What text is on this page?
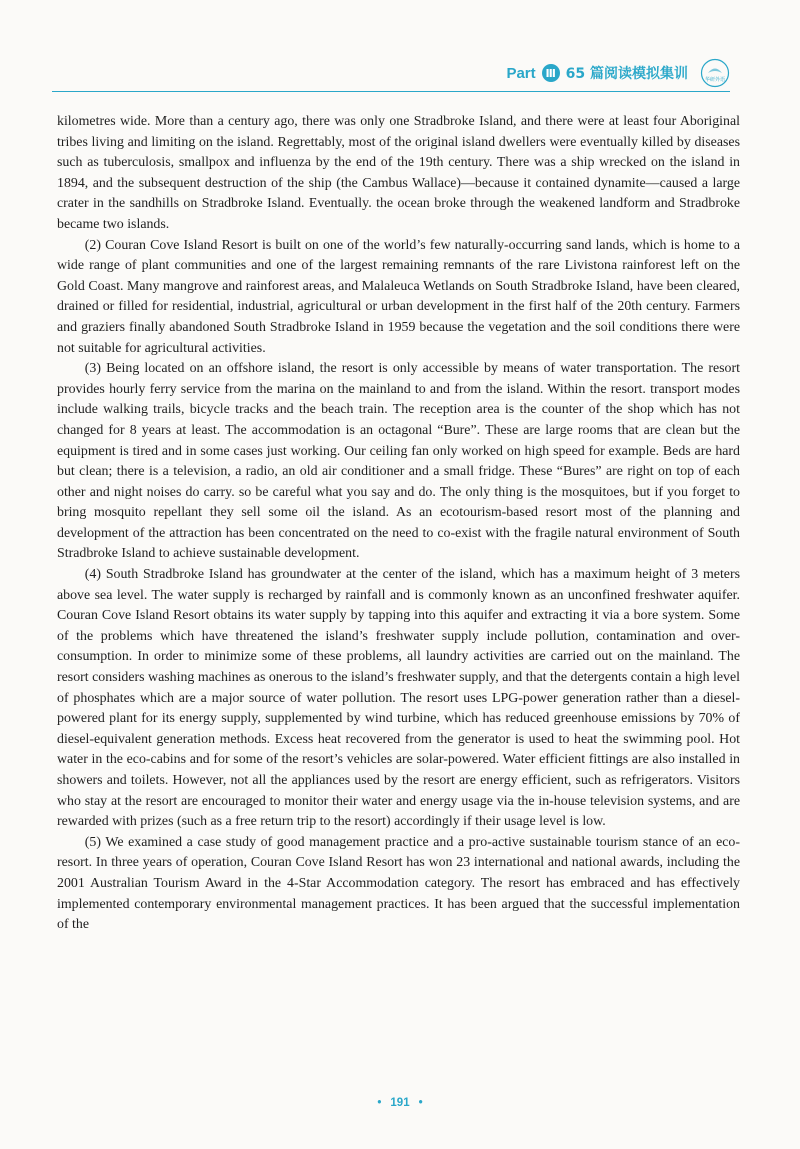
Part Ⅲ 65 篇阅读模拟集训	华研外语

kilometres wide. More than a century ago, there was only one Stradbroke Island, and there were at least four Aboriginal tribes living and limiting on the island. Regrettably, most of the original island dwellers were eventually killed by diseases such as tuberculosis, smallpox and influenza by the end of the 19th century. There was a ship wrecked on the island in 1894, and the subsequent destruction of the ship (the Cambus Wallace)—because it contained dynamite—caused a large crater in the sandhills on Stradbroke Island. Eventually. the ocean broke through the weakened landform and Stradbroke became two islands.

(2) Couran Cove Island Resort is built on one of the world’s few naturally-occurring sand lands, which is home to a wide range of plant communities and one of the largest remaining remnants of the rare Livistona rainforest left on the Gold Coast. Many mangrove and rainforest areas, and Malaleuca Wetlands on South Stradbroke Island, have been cleared, drained or filled for residential, industrial, agricultural or urban development in the first half of the 20th century. Farmers and graziers finally abandoned South Stradbroke Island in 1959 because the vegetation and the soil conditions there were not suitable for agricultural activities.

(3) Being located on an offshore island, the resort is only accessible by means of water transportation. The resort provides hourly ferry service from the marina on the mainland to and from the island. Within the resort. transport modes include walking trails, bicycle tracks and the beach train. The reception area is the counter of the shop which has not changed for 8 years at least. The accommodation is an octagonal “Bure”. These are large rooms that are clean but the equipment is tired and in some cases just working. Our ceiling fan only worked on high speed for example. Beds are hard but clean; there is a television, a radio, an old air conditioner and a small fridge. These “Bures” are right on top of each other and night noises do carry. so be careful what you say and do. The only thing is the mosquitoes, but if you forget to bring mosquito repellant they sell some oil the island. As an ecotourism-based resort most of the planning and development of the attraction has been concentrated on the need to co-exist with the fragile natural environment of South Stradbroke Island to achieve sustainable development.

(4) South Stradbroke Island has groundwater at the center of the island, which has a maximum height of 3 meters above sea level. The water supply is recharged by rainfall and is commonly known as an unconfined freshwater aquifer. Couran Cove Island Resort obtains its water supply by tapping into this aquifer and extracting it via a bore system. Some of the problems which have threatened the island’s freshwater supply include pollution, contamination and over-consumption. In order to minimize some of these problems, all laundry activities are carried out on the mainland. The resort considers washing machines as onerous to the island’s freshwater supply, and that the detergents contain a high level of phosphates which are a major source of water pollution. The resort uses LPG-power generation rather than a diesel-powered plant for its energy supply, supplemented by wind turbine, which has reduced greenhouse emissions by 70% of diesel-equivalent generation methods. Excess heat recovered from the generator is used to heat the swimming pool. Hot water in the eco-cabins and for some of the resort’s vehicles are solar-powered. Water efficient fittings are also installed in showers and toilets. However, not all the appliances used by the resort are energy efficient, such as refrigerators. Visitors who stay at the resort are encouraged to monitor their water and energy usage via the in-house television systems, and are rewarded with prizes (such as a free return trip to the resort) accordingly if their usage level is low.

(5) We examined a case study of good management practice and a pro-active sustainable tourism stance of an eco-resort. In three years of operation, Couran Cove Island Resort has won 23 international and national awards, including the 2001 Australian Tourism Award in the 4-Star Accommodation category. The resort has embraced and has effectively implemented contemporary environmental management practices. It has been argued that the successful implementation of the

• 191 •
